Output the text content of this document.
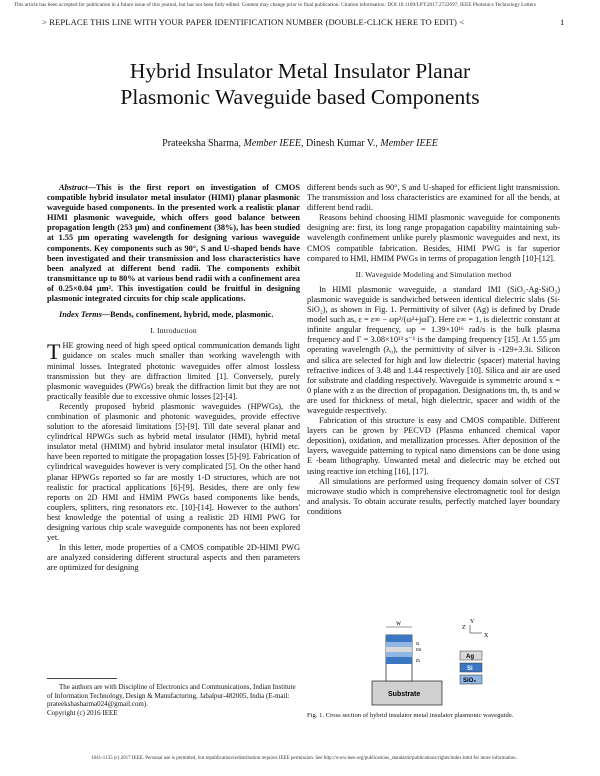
This article has been accepted for publication in a future issue of this journal, but has not been fully edited. Content may change prior to final publication. Citation information: DOI 10.1109/LPT.2017.2722697, IEEE Photonics Technology Letters
> REPLACE THIS LINE WITH YOUR PAPER IDENTIFICATION NUMBER (DOUBLE-CLICK HERE TO EDIT) <	1
Hybrid Insulator Metal Insulator Planar
Plasmonic Waveguide based Components
Prateeksha Sharma, Member IEEE, Dinesh Kumar V., Member IEEE

Abstract—This is the first report on investigation of CMOS compatible hybrid insulator metal insulator (HIMI) planar plasmonic waveguide based components. In the presented work a realistic planar HIMI plasmonic waveguide, which offers good balance between propagation length (253 μm) and confinement (38%), has been studied at 1.55 μm operating wavelength for designing various waveguide components. Key components such as 90°, S and U-shaped bends have been investigated and their transmission and loss characteristics have been analyzed at different bend radii. The components exhibit transmittance up to 80% at various bend radii with a confinement area of 0.25×0.04 μm². This investigation could be fruitful in designing plasmonic integrated circuits for chip scale applications.

Index Terms—Bends, confinement, hybrid, mode, plasmonic.

I. Introduction

THE growing need of high speed optical communication demands light guidance on scales much smaller than working wavelength with minimal losses. Integrated photonic waveguides offer almost lossless transmission but they are diffraction limited [1]. Conversely, purely plasmonic waveguides (PWGs) break the diffraction limit but they are not practically feasible due to excessive ohmic losses [2]-[4].

Recently proposed hybrid plasmonic waveguides (HPWGs), the combination of plasmonic and photonic waveguides, provide effective solution to the aforesaid limitations [5]-[9]. Till date several planar and cylindrical HPWGs such as hybrid metal insulator (HMI), hybrid metal insulator metal (HMIM) and hybrid insulator metal insulator (HIMI) etc. have been reported to mitigate the propagation losses [5]-[9]. Fabrication of cylindrical waveguides however is very complicated [5]. On the other hand planar HPWGs reported so far are mostly 1-D structures, which are not realistic for practical applications [6]-[9]. Besides, there are only few reports on 2D HMI and HMIM PWGs based components like bends, couplers, splitters, ring resonators etc. [10]-[14]. However to the authors' best knowledge the potential of using a realistic 2D HIMI PWG for designing various chip scale waveguide components has not been explored yet.

In this letter, mode properties of a CMOS compatible 2D-HIMI PWG are analyzed considering different structural aspects and then parameters are optimized for designing

The authors are with Discipline of Electronics and Communications, Indian Institute of Information Technology, Design & Manufacturing, Jabalpur-482005, India (E-mail: prateekshasharma024@gmail.com).

Copyright (c) 2016 IEEE

different bends such as 90°, S and U-shaped for efficient light transmission. The transmission and loss characteristics are examined for all the bends, at different bend radii.

Reasons behind choosing HIMI plasmonic waveguide for components designing are: first, its long range propagation capability maintaining sub-wavelength confinement unlike purely plasmonic waveguides and next, its CMOS compatible fabrication. Besides, HIMI PWG is far superior compared to HMI, HMIM PWGs in terms of propagation length [10]-[12].

II. Waveguide Modeling and Simulation method

In HIMI plasmonic waveguide, a standard IMI (SiO₂-Ag-SiO₂) plasmonic waveguide is sandwiched between identical dielectric slabs (Si-SiO₂), as shown in Fig. 1. Permittivity of silver (Ag) is defined by Drude model such as, ε = ε∞ − ωp²/(ω²+jωΓ). Here ε∞ = 1, is dielectric constant at infinite angular frequency, ωp = 1.39×10¹⁶ rad/s is the bulk plasma frequency and Γ = 3.08×10¹³ s⁻¹ is the damping frequency [15]. At 1.55 μm operating wavelength (λ₀), the permittivity of silver is -129+3.3i. Silicon and silica are selected for high and low dielectric (spacer) material having refractive indices of 3.48 and 1.44 respectively [10]. Silica and air are used for substrate and cladding respectively. Waveguide is symmetric around x = 0 plane with z as the direction of propagation. Designations tm, th, ts and w are used for thickness of metal, high dielectric, spacer and width of the waveguide respectively.

Fabrication of this structure is easy and CMOS compatible. Different layers can be grown by PECVD (Plasma enhanced chemical vapor deposition), oxidation, and metallization processes. After deposition of the layers, waveguide patterning to typical nano dimensions can be done using E -beam lithography. Unwanted metal and dielectric may be etched out using reactive ion etching [16], [17].

All simulations are performed using frequency domain solver of CST microwave studio which is comprehensive electromagnetic tool for design and analysis. To obtain accurate results, perfectly matched layer boundary conditions

w
ts
tm
th
Substrate
Z
Y
X
Ag
Si
SiO₂
Fig. 1. Cross section of hybrid insulator metal insulator plasmonic waveguide.
1041-1135 (c) 2017 IEEE. Personal use is permitted, but republication/redistribution requires IEEE permission. See http://www.ieee.org/publications_standards/publications/rights/index.html for more information.
